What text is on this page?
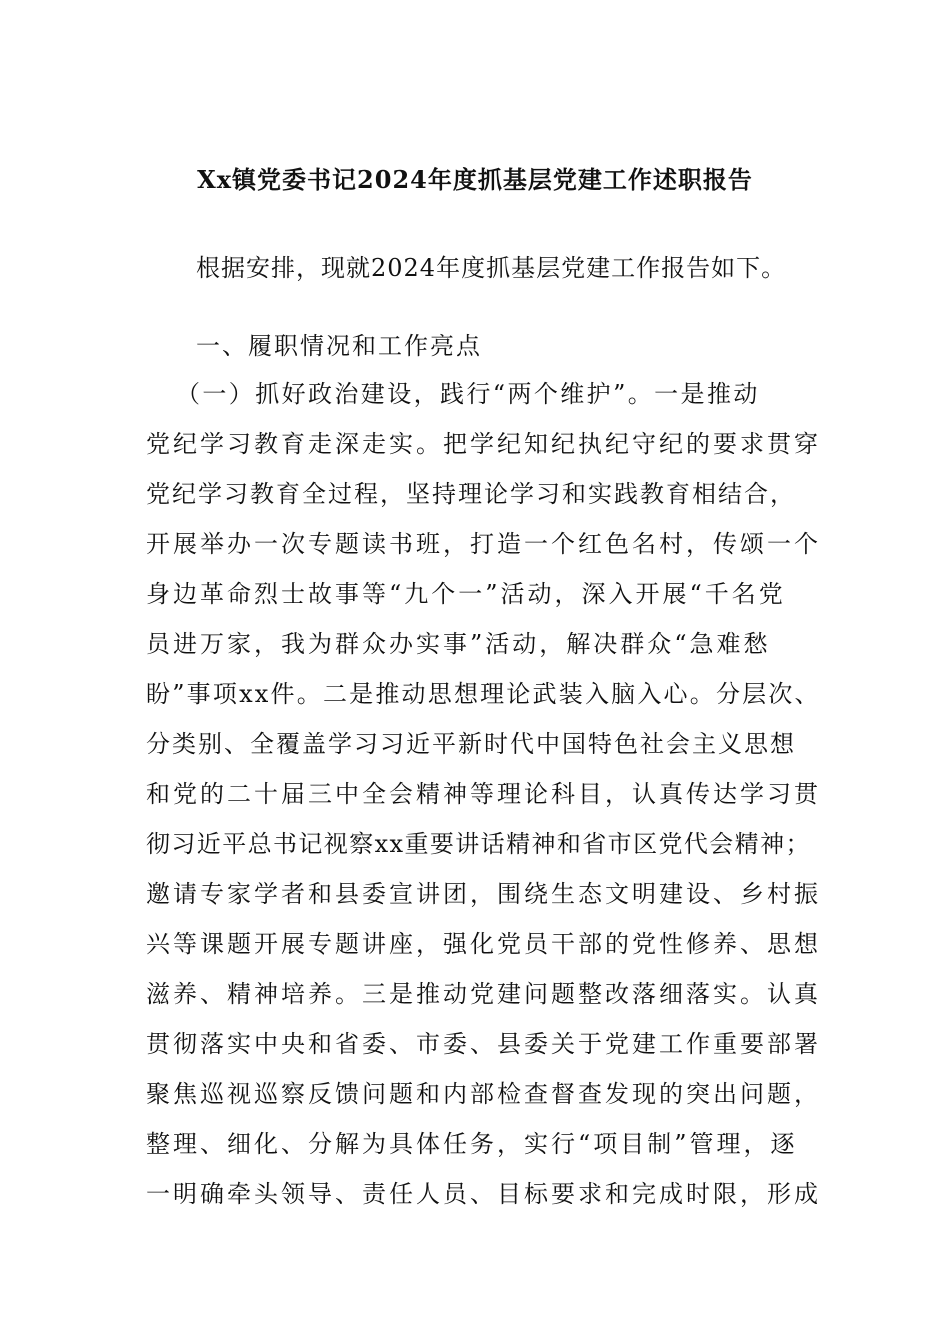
Xx镇党委书记2024年度抓基层党建工作述职报告
根据安排，现就2024年度抓基层党建工作报告如下。
一、履职情况和工作亮点
（一）抓好政治建设，践行“两个维护”。一是推动
党纪学习教育走深走实。把学纪知纪执纪守纪的要求贯穿
党纪学习教育全过程，坚持理论学习和实践教育相结合，
开展举办一次专题读书班，打造一个红色名村，传颂一个
身边革命烈士故事等“九个一”活动，深入开展“千名党
员进万家，我为群众办实事”活动，解决群众“急难愁
盼”事项xx件。二是推动思想理论武装入脑入心。分层次、
分类别、全覆盖学习习近平新时代中国特色社会主义思想
和党的二十届三中全会精神等理论科目，认真传达学习贯
彻习近平总书记视察xx重要讲话精神和省市区党代会精神；
邀请专家学者和县委宣讲团，围绕生态文明建设、乡村振
兴等课题开展专题讲座，强化党员干部的党性修养、思想
滋养、精神培养。三是推动党建问题整改落细落实。认真
贯彻落实中央和省委、市委、县委关于党建工作重要部署
聚焦巡视巡察反馈问题和内部检查督查发现的突出问题，
整理、细化、分解为具体任务，实行“项目制”管理，逐
一明确牵头领导、责任人员、目标要求和完成时限，形成
